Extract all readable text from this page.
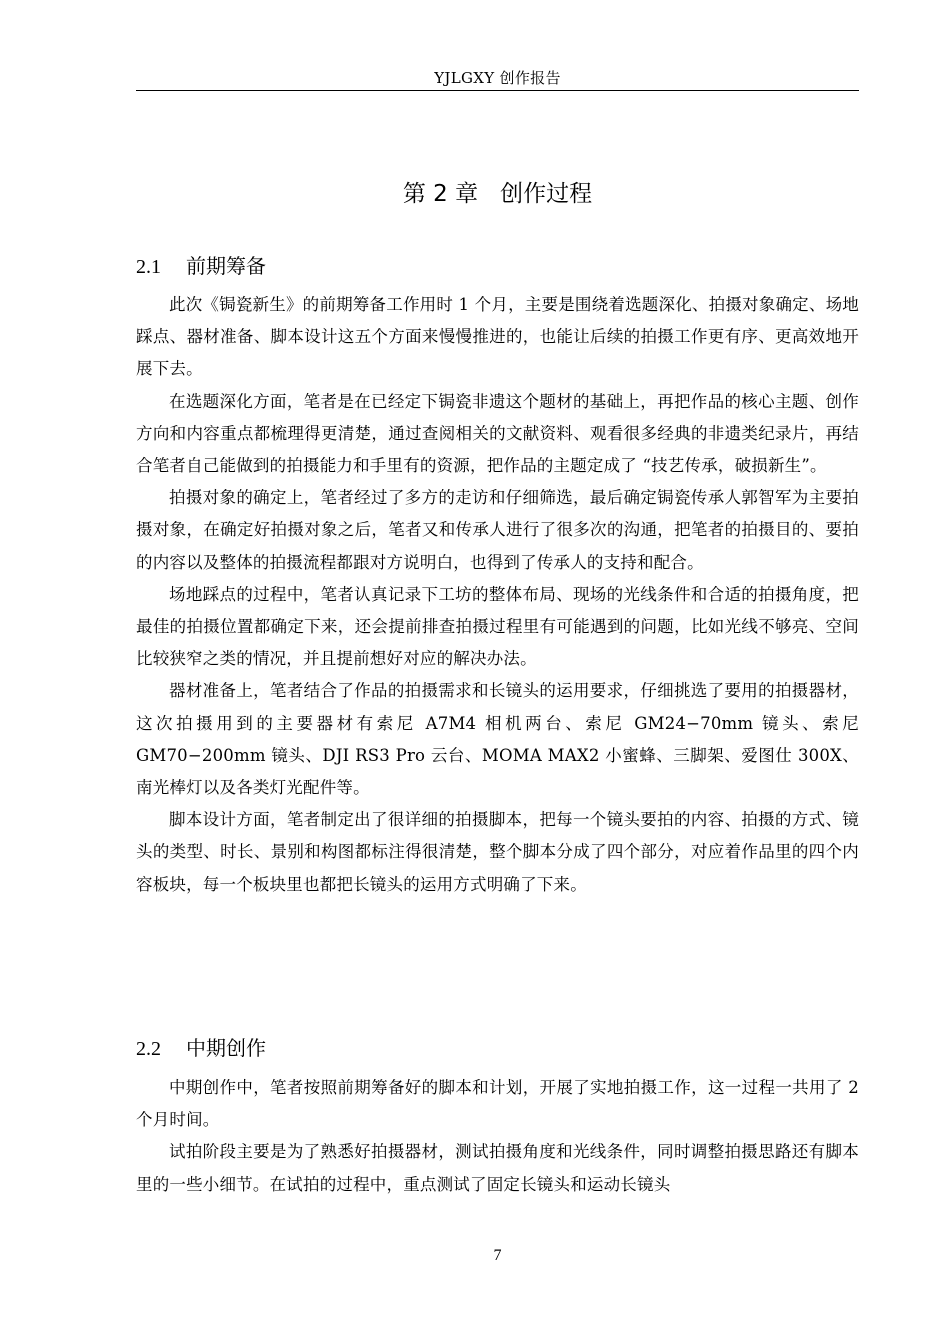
YJLGXY 创作报告
第 2 章 创作过程
2.1 前期筹备

此次《锔瓷新生》的前期筹备工作用时 1 个月，主要是围绕着选题深化、拍摄对象确定、场地踩点、器材准备、脚本设计这五个方面来慢慢推进的，也能让后续的拍摄工作更有序、更高效地开展下去。

在选题深化方面，笔者是在已经定下锔瓷非遗这个题材的基础上，再把作品的核心主题、创作方向和内容重点都梳理得更清楚，通过查阅相关的文献资料、观看很多经典的非遗类纪录片，再结合笔者自己能做到的拍摄能力和手里有的资源，把作品的主题定成了 “技艺传承，破损新生”。

拍摄对象的确定上，笔者经过了多方的走访和仔细筛选，最后确定锔瓷传承人郭智军为主要拍摄对象，在确定好拍摄对象之后，笔者又和传承人进行了很多次的沟通，把笔者的拍摄目的、要拍的内容以及整体的拍摄流程都跟对方说明白，也得到了传承人的支持和配合。

场地踩点的过程中，笔者认真记录下工坊的整体布局、现场的光线条件和合适的拍摄角度，把最佳的拍摄位置都确定下来，还会提前排查拍摄过程里有可能遇到的问题，比如光线不够亮、空间比较狭窄之类的情况，并且提前想好对应的解决办法。

器材准备上，笔者结合了作品的拍摄需求和长镜头的运用要求，仔细挑选了要用的拍摄器材，这次拍摄用到的主要器材有索尼 A7M4 相机两台、索尼 GM24−70mm 镜头、索尼 GM70−200mm 镜头、DJI RS3 Pro 云台、MOMA MAX2 小蜜蜂、三脚架、爱图仕 300X、南光棒灯以及各类灯光配件等。

脚本设计方面，笔者制定出了很详细的拍摄脚本，把每一个镜头要拍的内容、拍摄的方式、镜头的类型、时长、景别和构图都标注得很清楚，整个脚本分成了四个部分，对应着作品里的四个内容板块，每一个板块里也都把长镜头的运用方式明确了下来。

2.2 中期创作

中期创作中，笔者按照前期筹备好的脚本和计划，开展了实地拍摄工作，这一过程一共用了 2 个月时间。

试拍阶段主要是为了熟悉好拍摄器材，测试拍摄角度和光线条件，同时调整拍摄思路还有脚本里的一些小细节。在试拍的过程中，重点测试了固定长镜头和运动长镜头

7
